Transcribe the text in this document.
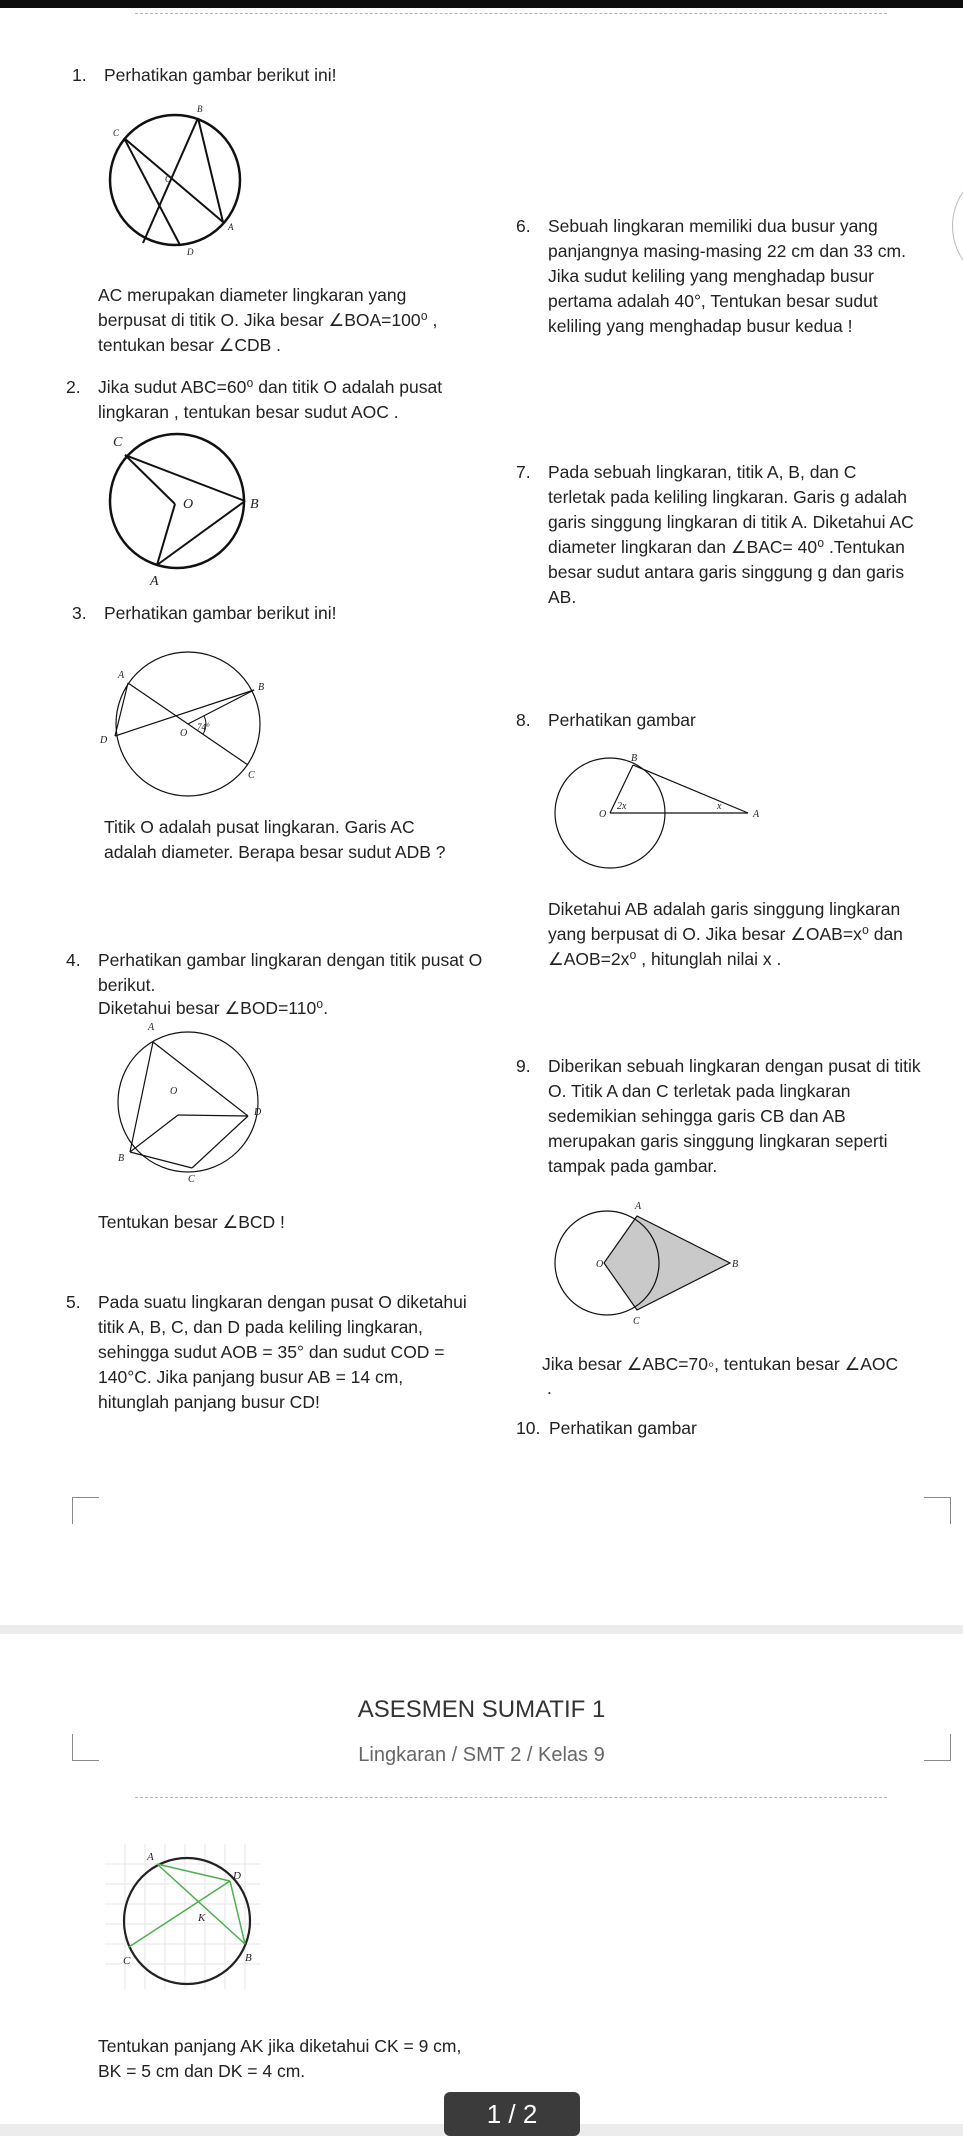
1. Perhatikan gambar berikut ini!
B
C
O
A
D
AC merupakan diameter lingkaran yang berpusat di titik O. Jika besar ∠BOA=100⁰ , tentukan besar ∠CDB .
2. Jika sudut ABC=60⁰ dan titik O adalah pusat lingkaran , tentukan besar sudut AOC .
C
O	B
A
3. Perhatikan gambar berikut ini!
A
B
D
O
74°
C
Titik O adalah pusat lingkaran. Garis AC adalah diameter. Berapa besar sudut ADB ?
4. Perhatikan gambar lingkaran dengan titik pusat O berikut.
Diketahui besar ∠BOD=110⁰.
A
O
D
B
C
Tentukan besar ∠BCD !
5. Pada suatu lingkaran dengan pusat O diketahui titik A, B, C, dan D pada keliling lingkaran, sehingga sudut AOB = 35° dan sudut COD = 140°C. Jika panjang busur AB = 14 cm, hitunglah panjang busur CD!
6. Sebuah lingkaran memiliki dua busur yang panjangnya masing-masing 22 cm dan 33 cm. Jika sudut keliling yang menghadap busur pertama adalah 40°, Tentukan besar sudut keliling yang menghadap busur kedua !
7. Pada sebuah lingkaran, titik A, B, dan C terletak pada keliling lingkaran. Garis g adalah garis singgung lingkaran di titik A. Diketahui AC diameter lingkaran dan ∠BAC= 40⁰ .Tentukan besar sudut antara garis singgung g dan garis AB.
8. Perhatikan gambar
B
O	A
2x	x
Diketahui AB adalah garis singgung lingkaran yang berpusat di O. Jika besar ∠OAB=x⁰ dan ∠AOB=2x⁰ , hitunglah nilai x .
9. Diberikan sebuah lingkaran dengan pusat di titik O. Titik A dan C terletak pada lingkaran sedemikian sehingga garis CB dan AB merupakan garis singgung lingkaran seperti tampak pada gambar.
A
O	B
C
Jika besar ∠ABC=70◦, tentukan besar ∠AOC
.
10. Perhatikan gambar
ASESMEN SUMATIF 1
Lingkaran / SMT 2 / Kelas 9
A
D
K
B
C
Tentukan panjang AK jika diketahui CK = 9 cm, BK = 5 cm dan DK = 4 cm.
1 / 2
